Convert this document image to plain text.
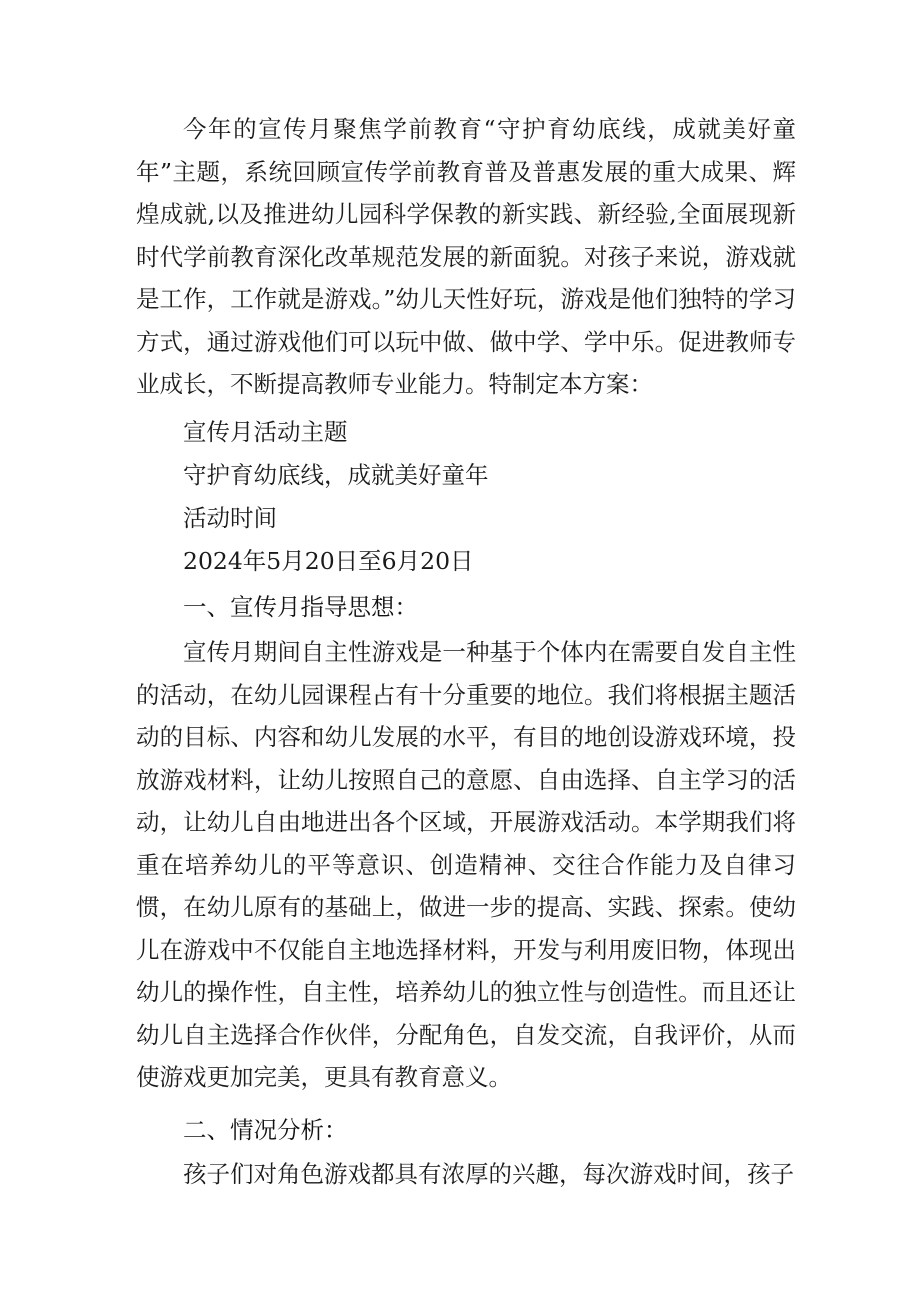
今年的宣传月聚焦学前教育“守护育幼底线，成就美好童年”主题，系统回顾宣传学前教育普及普惠发展的重大成果、辉煌成就,以及推进幼儿园科学保教的新实践、新经验,全面展现新时代学前教育深化改革规范发展的新面貌。对孩子来说，游戏就是工作，工作就是游戏。”幼儿天性好玩，游戏是他们独特的学习方式，通过游戏他们可以玩中做、做中学、学中乐。促进教师专业成长，不断提高教师专业能力。特制定本方案：

宣传月活动主题

守护育幼底线，成就美好童年

活动时间

2024年5月20日至6月20日

一、宣传月指导思想：

宣传月期间自主性游戏是一种基于个体内在需要自发自主性的活动，在幼儿园课程占有十分重要的地位。我们将根据主题活动的目标、内容和幼儿发展的水平，有目的地创设游戏环境，投放游戏材料，让幼儿按照自己的意愿、自由选择、自主学习的活动，让幼儿自由地进出各个区域，开展游戏活动。本学期我们将重在培养幼儿的平等意识、创造精神、交往合作能力及自律习惯，在幼儿原有的基础上，做进一步的提高、实践、探索。使幼儿在游戏中不仅能自主地选择材料，开发与利用废旧物，体现出幼儿的操作性，自主性，培养幼儿的独立性与创造性。而且还让幼儿自主选择合作伙伴，分配角色，自发交流，自我评价，从而使游戏更加完美，更具有教育意义。

二、情况分析：

孩子们对角色游戏都具有浓厚的兴趣，每次游戏时间，孩子
